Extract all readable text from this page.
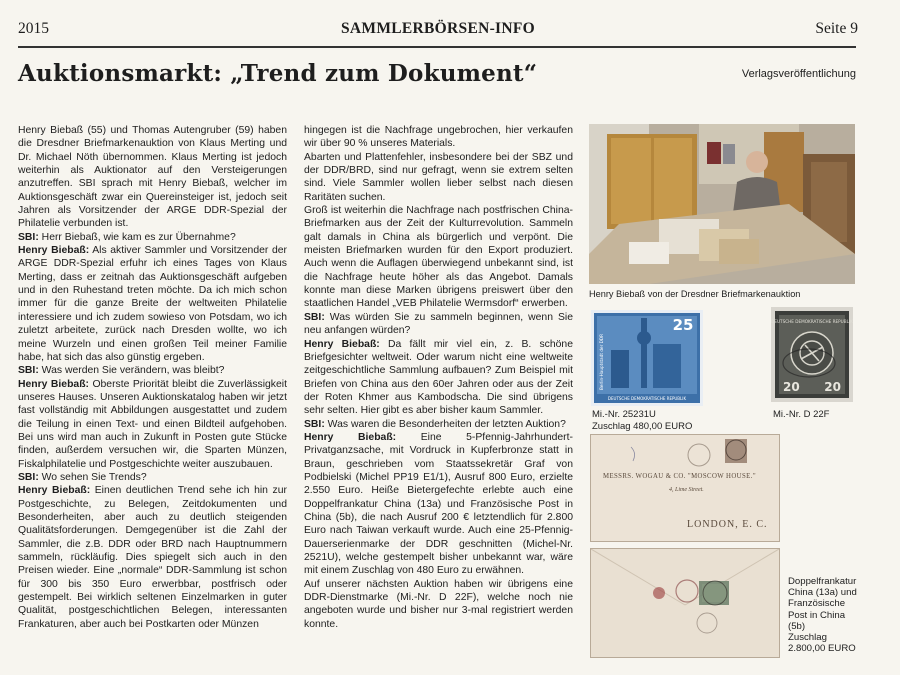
2015	SAMMLERBÖRSEN-INFO	Seite 9
Auktionsmarkt: „Trend zum Dokument“	Verlagsveröffentlichung

Henry Biebaß (55) und Thomas Autengruber (59) haben die Dresdner Briefmarkenauktion von Klaus Merting und Dr. Michael Nöth übernommen. Klaus Merting ist jedoch weiterhin als Auktionator auf den Versteigerungen anzutreffen. SBI sprach mit Henry Biebaß, welcher im Auktionsgeschäft zwar ein Quereinsteiger ist, jedoch seit Jahren als Vorsitzender der ARGE DDR-Spezial der Philatelie verbunden ist.

SBI: Herr Biebaß, wie kam es zur Übernahme?

Henry Biebaß: Als aktiver Sammler und Vorsitzender der ARGE DDR-Spezial erfuhr ich eines Tages von Klaus Merting, dass er zeitnah das Auktionsgeschäft aufgeben und in den Ruhestand treten möchte. Da ich mich schon immer für die ganze Breite der weltweiten Philatelie interessiere und ich zudem sowieso von Potsdam, wo ich zuletzt arbeitete, zurück nach Dresden wollte, wo ich meine Wurzeln und einen großen Teil meiner Familie habe, hat sich das also günstig ergeben.

SBI: Was werden Sie verändern, was bleibt?

Henry Biebaß: Oberste Priorität bleibt die Zuverlässigkeit unseres Hauses. Unseren Auktionskatalog haben wir jetzt fast vollständig mit Abbildungen ausgestattet und zudem die Teilung in einen Text- und einen Bildteil aufgehoben. Bei uns wird man auch in Zukunft in Posten gute Stücke finden, außerdem versuchen wir, die Sparten Münzen, Fiskalphilatelie und Postgeschichte weiter auszubauen.

SBI: Wo sehen Sie Trends?

Henry Biebaß: Einen deutlichen Trend sehe ich hin zur Postgeschichte, zu Belegen, Zeitdokumenten und Besonderheiten, aber auch zu deutlich steigenden Qualitätsforderungen. Demgegenüber ist die Zahl der Sammler, die z.B. DDR oder BRD nach Hauptnummern sammeln, rückläufig. Dies spiegelt sich auch in den Preisen wieder. Eine „normale“ DDR-Sammlung ist schon für 300 bis 350 Euro erwerbbar, postfrisch oder gestempelt. Bei wirklich seltenen Einzelmarken in guter Qualität, postgeschichtlichen Belegen, interessanten Frankaturen, aber auch bei Postkarten oder Münzen

hingegen ist die Nachfrage ungebrochen, hier verkaufen wir über 90 % unseres Materials.

Abarten und Plattenfehler, insbesondere bei der SBZ und der DDR/BRD, sind nur gefragt, wenn sie extrem selten sind. Viele Sammler wollen lieber selbst nach diesen Raritäten suchen.

Groß ist weiterhin die Nachfrage nach postfrischen China-Briefmarken aus der Zeit der Kulturrevolution. Sammeln galt damals in China als bürgerlich und verpönt. Die meisten Briefmarken wurden für den Export produziert. Auch wenn die Auflagen überwiegend unbekannt sind, ist die Nachfrage heute höher als das Angebot. Damals konnte man diese Marken übrigens preiswert über den staatlichen Handel „VEB Philatelie Wermsdorf“ erwerben.

SBI: Was würden Sie zu sammeln beginnen, wenn Sie neu anfangen würden?

Henry Biebaß: Da fällt mir viel ein, z. B. schöne Briefgesichter weltweit. Oder warum nicht eine weltweite zeitgeschichtliche Sammlung aufbauen? Zum Beispiel mit Briefen von China aus den 60er Jahren oder aus der Zeit der Roten Khmer aus Kambodscha. Die sind übrigens sehr selten. Hier gibt es aber bisher kaum Sammler.

SBI: Was waren die Besonderheiten der letzten Auktion?

Henry Biebaß: Eine 5-Pfennig-Jahrhundert-Privatganzsache, mit Vordruck in Kupferbronze statt in Braun, geschrieben vom Staatssekretär Graf von Podbielski (Michel PP19 E1/1), Ausruf 800 Euro, erzielte 2.550 Euro. Heiße Bietergefechte erlebte auch eine Doppelfrankatur China (13a) und Französische Post in China (5b), die nach Ausruf 200 € letztendlich für 2.800 Euro nach Taiwan verkauft wurde. Auch eine 25-Pfennig-Dauerserienmarke der DDR geschnitten (Michel-Nr. 2521U), welche gestempelt bisher unbekannt war, wäre mit einem Zuschlag von 480 Euro zu erwähnen.

Auf unserer nächsten Auktion haben wir übrigens eine DDR-Dienstmarke (Mi.-Nr. D 22F), welche noch nie angeboten wurde und bisher nur 3-mal registriert werden konnte.

Henry Biebaß von der Dresdner Briefmarkenauktion
25
Berlin-Hauptstadt der DDR
DEUTSCHE DEMOKRATISCHE REPUBLIK
DEUTSCHE DEMOKRATISCHE REPUBLIK
20 20
Mi.-Nr. 25231U
Zuschlag 480,00 EURO
Mi.-Nr. D 22F
MESSRS. WOGAU & CO. "MOSCOW HOUSE."
4, Lime Street.
LONDON, E. C.
Doppelfrankatur
China (13a) und
Französische
Post in China
(5b)
Zuschlag
2.800,00 EURO
